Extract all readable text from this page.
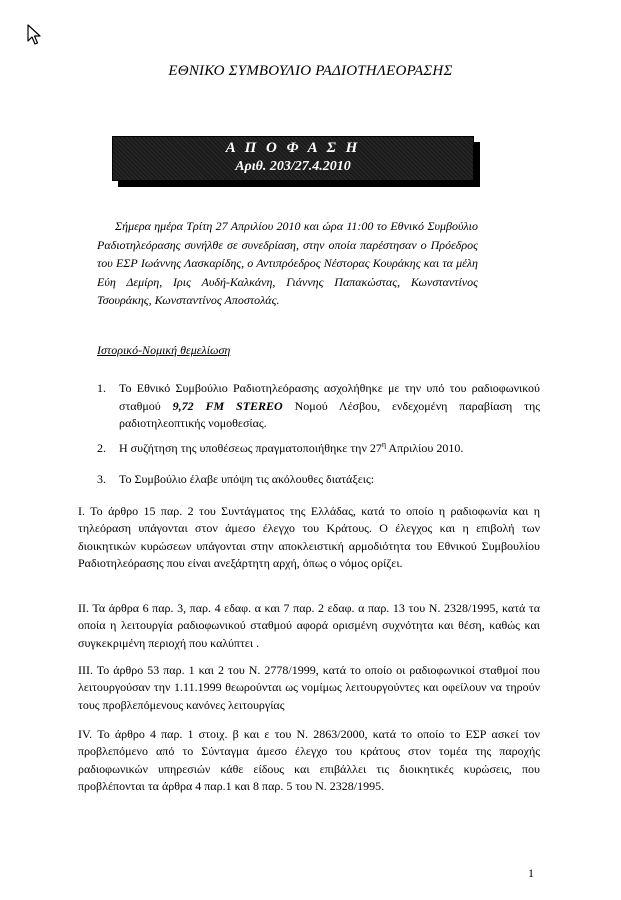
ΕΘΝΙΚΟ ΣΥΜΒΟΥΛΙΟ ΡΑΔΙΟΤΗΛΕΟΡΑΣΗΣ
Α Π Ο Φ Α Σ Η
Αριθ. 203/27.4.2010
Σήμερα ημέρα Τρίτη 27 Απριλίου 2010 και ώρα 11:00 το Εθνικό Συμβούλιο Ραδιοτηλεόρασης συνήλθε σε συνεδρίαση, στην οποία παρέστησαν ο Πρόεδρος του ΕΣΡ Ιωάννης Λασκαρίδης, ο Αντιπρόεδρος Νέστορας Κουράκης και τα μέλη Εύη Δεμίρη, Ιρις Αυδή-Καλκάνη, Γιάννης Παπακώστας, Κωνσταντίνος Τσουράκης, Κωνσταντίνος Αποστολάς.
Ιστορικό-Νομική θεμελίωση
1. Το Εθνικό Συμβούλιο Ραδιοτηλεόρασης ασχολήθηκε με την υπό του ραδιοφωνικού σταθμού 9,72 FM STEREO Νομού Λέσβου, ενδεχομένη παραβίαση της ραδιοτηλεοπτικής νομοθεσίας.
2. Η συζήτηση της υποθέσεως πραγματοποιήθηκε την $27^\eta$ Απριλίου 2010.
3. Το Συμβούλιο έλαβε υπόψη τις ακόλουθες διατάξεις:
Ι. Το άρθρο 15 παρ. 2 του Συντάγματος της Ελλάδας, κατά το οποίο η ραδιοφωνία και η τηλεόραση υπάγονται στον άμεσο έλεγχο του Κράτους. Ο έλεγχος και η επιβολή των διοικητικών κυρώσεων υπάγονται στην αποκλειστική αρμοδιότητα του Εθνικού Συμβουλίου Ραδιοτηλεόρασης που είναι ανεξάρτητη αρχή, όπως ο νόμος ορίζει.
ΙΙ. Τα άρθρα 6 παρ. 3, παρ. 4 εδαφ. α και 7 παρ. 2 εδαφ. α παρ. 13 του Ν. 2328/1995, κατά τα οποία η λειτουργία ραδιοφωνικού σταθμού αφορά ορισμένη συχνότητα και θέση, καθώς και συγκεκριμένη περιοχή που καλύπτει .
ΙΙΙ. Το άρθρο 53 παρ. 1 και 2 του Ν. 2778/1999, κατά το οποίο οι ραδιοφωνικοί σταθμοί που λειτουργούσαν την 1.11.1999 θεωρούνται ως νομίμως λειτουργούντες και οφείλουν να τηρούν τους προβλεπόμενους κανόνες λειτουργίας
IV. Το άρθρο 4 παρ. 1 στοιχ. β και ε του Ν. 2863/2000, κατά το οποίο το ΕΣΡ ασκεί τον προβλεπόμενο από το Σύνταγμα άμεσο έλεγχο του κράτους στον τομέα της παροχής ραδιοφωνικών υπηρεσιών κάθε είδους και επιβάλλει τις διοικητικές κυρώσεις, που προβλέπονται τα άρθρα 4 παρ.1 και 8 παρ. 5 του Ν. 2328/1995.
1
